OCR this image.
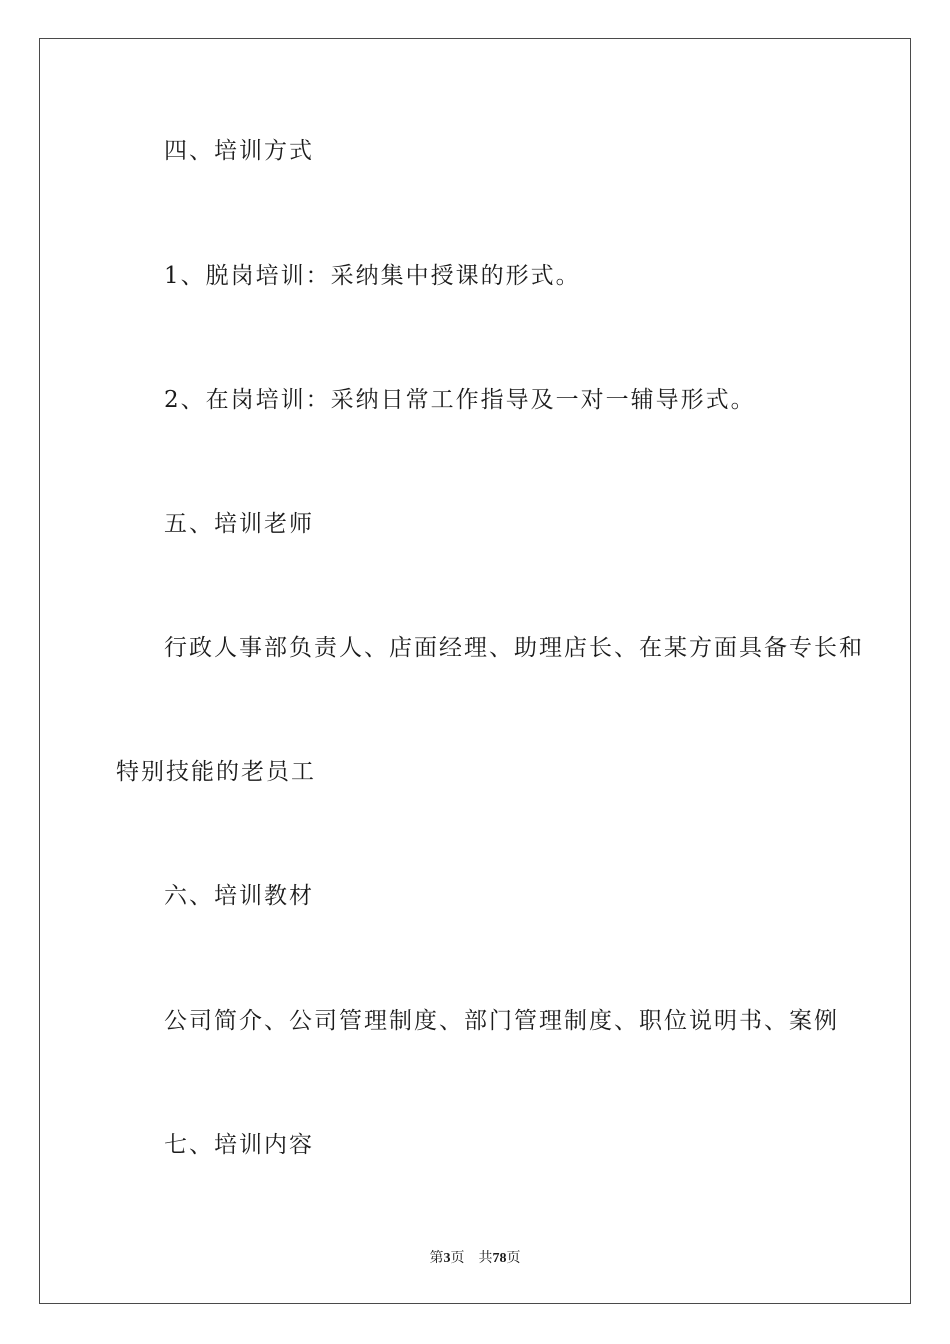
四、培训方式
1、脱岗培训：采纳集中授课的形式。
2、在岗培训：采纳日常工作指导及一对一辅导形式。
五、培训老师
行政人事部负责人、店面经理、助理店长、在某方面具备专长和
特别技能的老员工
六、培训教材
公司简介、公司管理制度、部门管理制度、职位说明书、案例
七、培训内容
第3页 共78页
